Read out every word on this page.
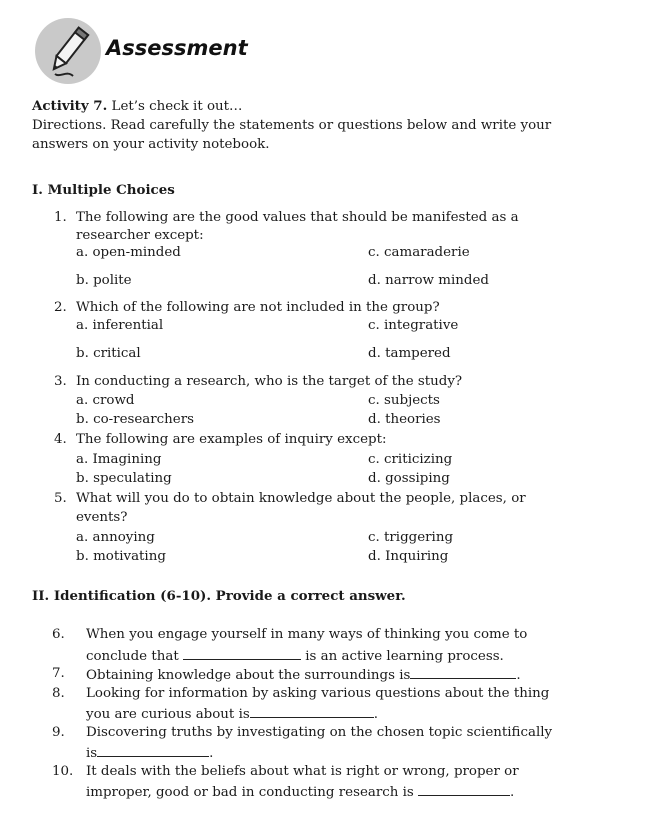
Assessment
Activity 7. Let’s check it out…
Directions. Read carefully the statements or questions below and write your
answers on your activity notebook.
I. Multiple Choices
1. The following are the good values that should be manifested as a
researcher except:
a. open-minded	c. camaraderie
b. polite	d. narrow minded
2. Which of the following are not included in the group?
a. inferential	c. integrative
b. critical	d. tampered
3. In conducting a research, who is the target of the study?
a. crowd	c. subjects
b. co-researchers	d. theories
4. The following are examples of inquiry except:
a. Imagining	c. criticizing
b. speculating	d. gossiping
5. What will you do to obtain knowledge about the people, places, or
events?
a. annoying	c. triggering
b. motivating	d. Inquiring
II. Identification (6-10). Provide a correct answer.
6. When you engage yourself in many ways of thinking you come to
conclude that	is an active learning process.
7. Obtaining knowledge about the surroundings is	.
8. Looking for information by asking various questions about the thing
you are curious about is	.
9. Discovering truths by investigating on the chosen topic scientifically
is	.
10. It deals with the beliefs about what is right or wrong, proper or
improper, good or bad in conducting research is	.
